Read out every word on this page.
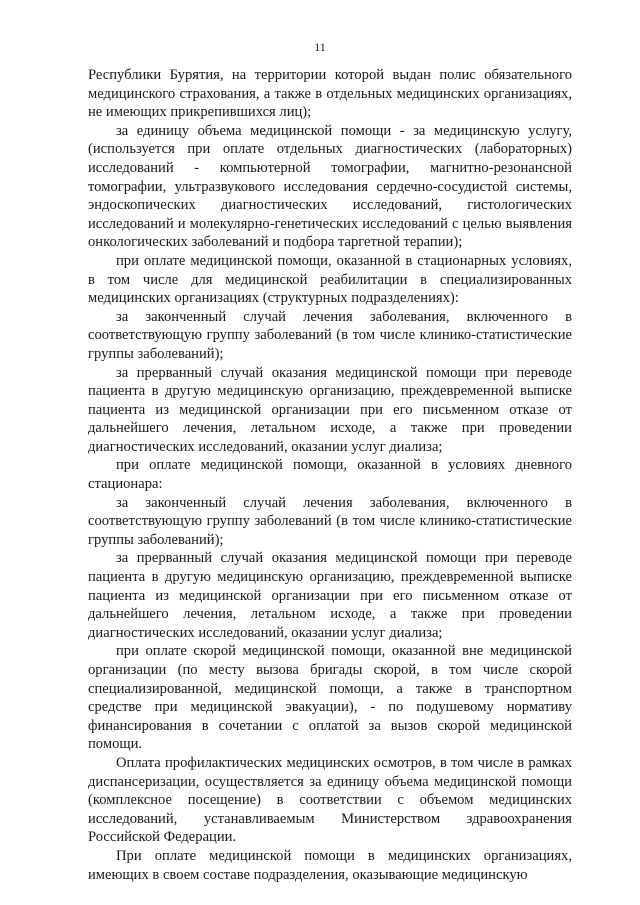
11

Республики Бурятия, на территории которой выдан полис обязательного медицинского страхования, а также в отдельных медицинских организациях, не имеющих прикрепившихся лиц);

за единицу объема медицинской помощи - за медицинскую услугу, (используется при оплате отдельных диагностических (лабораторных) исследований - компьютерной томографии, магнитно-резонансной томографии, ультразвукового исследования сердечно-сосудистой системы, эндоскопических диагностических исследований, гистологических исследований и молекулярно-генетических исследований с целью выявления онкологических заболеваний и подбора таргетной терапии);

при оплате медицинской помощи, оказанной в стационарных условиях, в том числе для медицинской реабилитации в специализированных медицинских организациях (структурных подразделениях):

за законченный случай лечения заболевания, включенного в соответствующую группу заболеваний (в том числе клинико-статистические группы заболеваний);

за прерванный случай оказания медицинской помощи при переводе пациента в другую медицинскую организацию, преждевременной выписке пациента из медицинской организации при его письменном отказе от дальнейшего лечения, летальном исходе, а также при проведении диагностических исследований, оказании услуг диализа;

при оплате медицинской помощи, оказанной в условиях дневного стационара:

за законченный случай лечения заболевания, включенного в соответствующую группу заболеваний (в том числе клинико-статистические группы заболеваний);

за прерванный случай оказания медицинской помощи при переводе пациента в другую медицинскую организацию, преждевременной выписке пациента из медицинской организации при его письменном отказе от дальнейшего лечения, летальном исходе, а также при проведении диагностических исследований, оказании услуг диализа;

при оплате скорой медицинской помощи, оказанной вне медицинской организации (по месту вызова бригады скорой, в том числе скорой специализированной, медицинской помощи, а также в транспортном средстве при медицинской эвакуации), - по подушевому нормативу финансирования в сочетании с оплатой за вызов скорой медицинской помощи.

Оплата профилактических медицинских осмотров, в том числе в рамках диспансеризации, осуществляется за единицу объема медицинской помощи (комплексное посещение) в соответствии с объемом медицинских исследований, устанавливаемым Министерством здравоохранения Российской Федерации.

При оплате медицинской помощи в медицинских организациях, имеющих в своем составе подразделения, оказывающие медицинскую
